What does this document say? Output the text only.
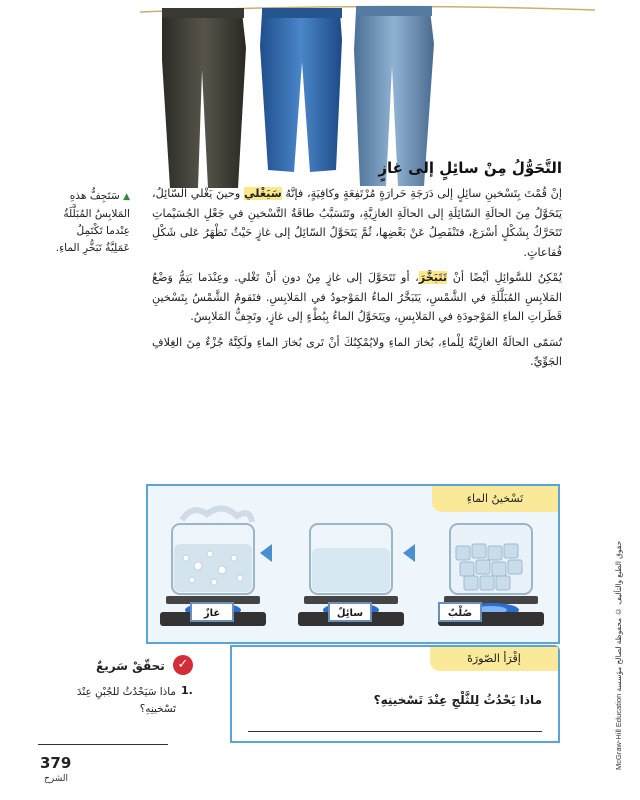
التَّحَوُّلُ مِنْ سائِلٍ إلى غازٍ
▲ سَتَجِفُّ هذهِ المَلابِسُ المُبَلَّلَةُ عِنْدما تَكْتَمِلُ عَمَلِيَّةُ تَبَخُّرِ الماءِ.

إنْ قُمْتَ بِتَسْخينِ سائِلٍ إلى دَرَجَةِ حَرارَةٍ مُرْتَفِعَةٍ وكافِيَةٍ، فإنَّهُ سَيَغْلي وحينَ يَغْلي السّائِلُ، يَتَحَوَّلُ مِنَ الحالَةِ السّائِلَةِ إلى الحالَةِ الغازِيَّةِ، وتَتَسَبَّبُ طاقَةُ التَّسْخينِ في جَعْلِ الجُسَيْماتِ تَتَحَرَّكُ بِشَكْلٍ أسْرَعَ، فتَنْفَصِلُ عَنْ بَعْضِها، ثُمَّ يَتَحَوَّلُ السّائِلُ إلى غازٍ حَيْثُ تَظْهَرُ عَلى شَكْلِ فُقاعاتٍ.

يُمْكِنُ للسَّوائِلِ أيْضًا أنْ تَتَبَخَّرَ، أو تَتَحَوَّلَ إلى غازٍ مِنْ دونِ أنْ تَغْلي. وعِنْدَما يَتِمُّ وَضْعُ المَلابِسِ المُبَلَّلَةِ في الشَّمْسِ، يَتَبَخَّرُ الماءُ المَوْجودُ في المَلابِسِ. فتَقومُ الشَّمْسُ بِتَسْخينِ قَطَراتِ الماءِ المَوْجودَةِ في المَلابِسِ، ويَتَحَوَّلُ الماءُ بِبُطْءٍ إلى غازٍ، وتَجِفُّ المَلابِسُ.

تُسَمّى الحالَةُ الغازِيَّةُ لِلْماءِ، بُخارَ الماءِ ولايُمْكِنُكَ أنْ تَرى بُخارَ الماءِ ولَكِنَّهُ جُزْءٌ مِنَ الغِلافِ الجَوِّيِّ.

تَسْخينُ الماءِ
صُلْبٌ
سائِلٌ
غازٌ
إقْرَأ الصّورَةَ
ماذا يَحْدُثُ لِلثَّلْجِ عِنْدَ تَسْخينِهِ؟
✓
تحقّقْ سَريعٌ
1.
ماذا سَيَحْدُثُ للجُبْنِ عِنْدَ تَسْخينِهِ؟
379
الشرح
McGraw-Hill Education حقوق الطبع والتأليف © محفوظة لصالح مؤسسة
